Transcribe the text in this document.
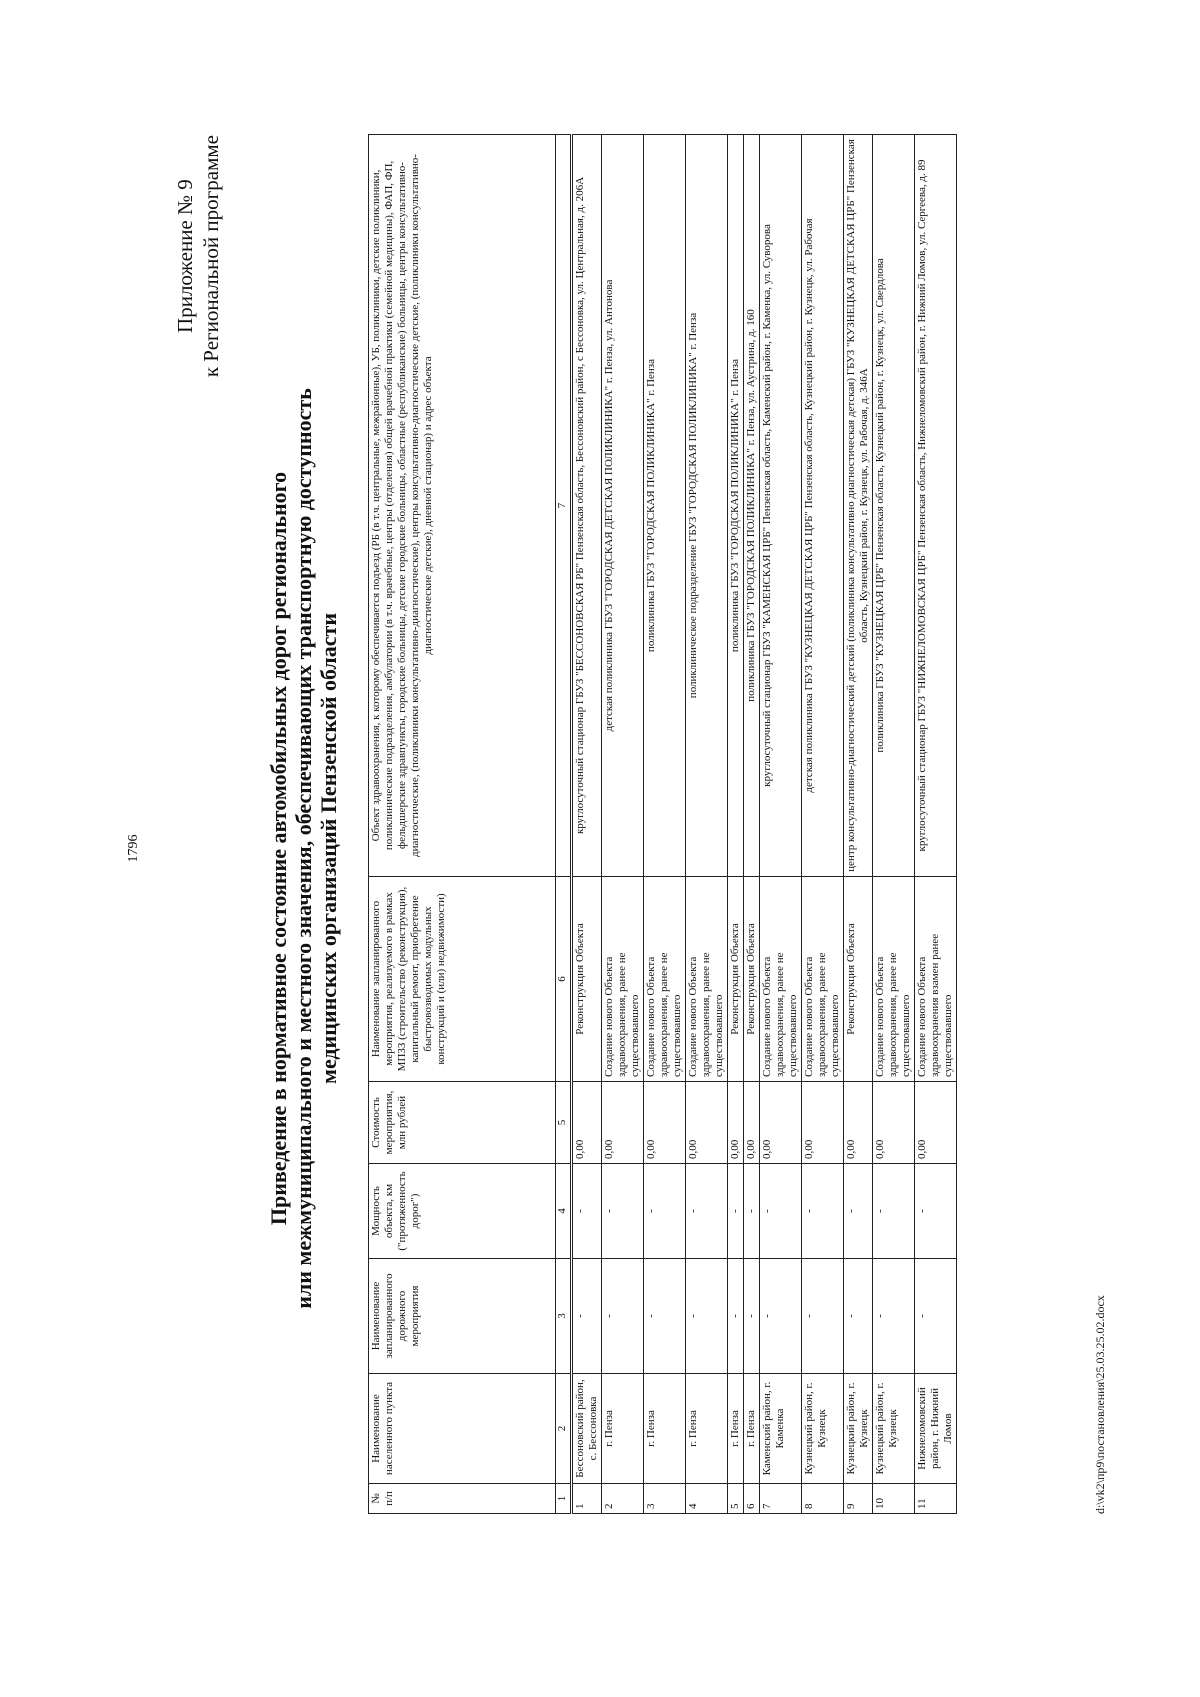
1796
Приложение № 9 к Региональной программе
Приведение в нормативное состояние автомобильных дорог регионального или межмуниципального и местного значения, обеспечивающих транспортную доступность медицинских организаций Пензенской области
№ п/п	Наименование населенного пункта	Наименование запланированного дорожного мероприятия	Мощность объекта, км ("протяженность дорог")	Стоимость мероприятия, млн рублей	Наименование запланированного мероприятия, реализуемого в рамках МПЗЗ (строительство (реконструкция), капитальный ремонт, приобретение быстровозводимых модульных конструкций и (или) недвижимости)	Объект здравоохранения, к которому обеспечивается подъезд (РБ (в т.ч. центральные, межрайонные), УБ, поликлиники, детские поликлиники, поликлинические подразделения, амбулатории (в т.ч. врачебные, центры (отделения) общей врачебной практики (семейной медицины), ФАП, ФП, фельдшерские здравпункты, городские больницы, детские городские больницы, областные (республиканские) больницы, центры консультативно-диагностические, (поликлиники консультативно-диагностические), центры консультативно-диагностические детские, (поликлиники консультативно-диагностические детские), дневной стационар) и адрес объекта
1	2	3	4	5	6	7
1	Бессоновский район, с. Бессоновка	-	-	0,00	Реконструкция Объекта	круглосуточный стационар ГБУЗ "БЕССОНОВСКАЯ РБ" Пензенская область, Бессоновский район, с Бессоновка, ул. Центральная, д. 206А
2	г. Пенза	-	-	0,00	Создание нового Объекта здравоохранения, ранее не существовавшего	детская поликлиника ГБУЗ "ГОРОДСКАЯ ДЕТСКАЯ ПОЛИКЛИНИКА" г. Пенза, ул. Антонова
3	г. Пенза	-	-	0,00	Создание нового Объекта здравоохранения, ранее не существовавшего	поликлиника ГБУЗ "ГОРОДСКАЯ ПОЛИКЛИНИКА" г. Пенза
4	г. Пенза	-	-	0,00	Создание нового Объекта здравоохранения, ранее не существовавшего	поликлиническое подразделение ГБУЗ "ГОРОДСКАЯ ПОЛИКЛИНИКА" г. Пенза
5	г. Пенза	-	-	0,00	Реконструкция Объекта	поликлиника ГБУЗ "ГОРОДСКАЯ ПОЛИКЛИНИКА" г. Пенза
6	г. Пенза	-	-	0,00	Реконструкция Объекта	поликлиника ГБУЗ "ГОРОДСКАЯ ПОЛИКЛИНИКА" г. Пенза, ул. Аустрина, д. 160
7	Каменский район, г. Каменка	-	-	0,00	Создание нового Объекта здравоохранения, ранее не существовавшего	круглосуточный стационар ГБУЗ "КАМЕНСКАЯ ЦРБ" Пензенская область, Каменский район, г. Каменка, ул. Суворова
8	Кузнецкий район, г. Кузнецк	-	-	0,00	Создание нового Объекта здравоохранения, ранее не существовавшего	детская поликлиника ГБУЗ "КУЗНЕЦКАЯ ДЕТСКАЯ ЦРБ" Пензенская область, Кузнецкий район, г. Кузнецк, ул. Рабочая
9	Кузнецкий район, г. Кузнецк	-	-	0,00	Реконструкция Объекта	центр консультативно-диагностический детский (поликлиника консультативно диагностическая детская) ГБУЗ "КУЗНЕЦКАЯ ДЕТСКАЯ ЦРБ" Пензенская область, Кузнецкий район, г. Кузнецк, ул. Рабочая, д. 346А
10	Кузнецкий район, г. Кузнецк	-	-	0,00	Создание нового Объекта здравоохранения, ранее не существовавшего	поликлиника ГБУЗ "КУЗНЕЦКАЯ ЦРБ" Пензенская область, Кузнецкий район, г. Кузнецк, ул. Свердлова
11	Нижнеломовский район, г. Нижний Ломов	-	-	0,00	Создание нового Объекта здравоохранения взамен ранее существовавшего	круглосуточный стационар ГБУЗ "НИЖНЕЛОМОВСКАЯ ЦРБ" Пензенская область, Нижнеломовский район, г. Нижний Ломов, ул. Сергеева, д. 89
d:\vk2\пр9\постановления\25.03.25.02.docx
